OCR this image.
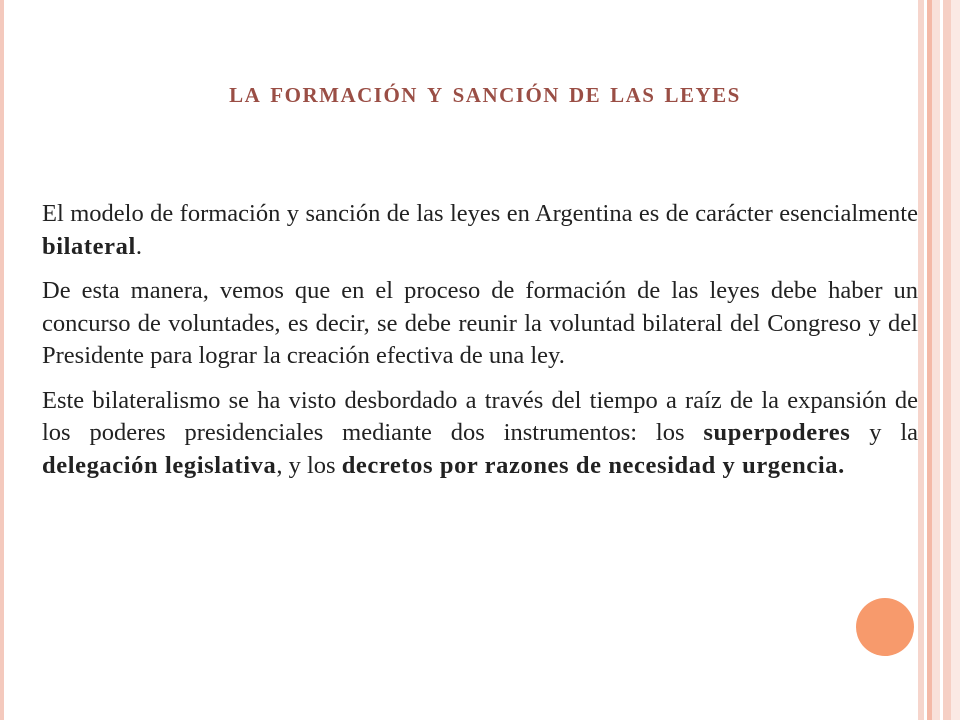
la formación y sanción de las leyes

El modelo de formación y sanción de las leyes en Argentina es de carácter esencialmente bilateral.

De esta manera, vemos que en el proceso de formación de las leyes debe haber un concurso de voluntades, es decir, se debe reunir la voluntad bilateral del Congreso y del Presidente para lograr la creación efectiva de una ley.

Este bilateralismo se ha visto desbordado a través del tiempo a raíz de la expansión de los poderes presidenciales mediante dos instrumentos: los superpoderes y la delegación legislativa, y los decretos por razones de necesidad y urgencia.
